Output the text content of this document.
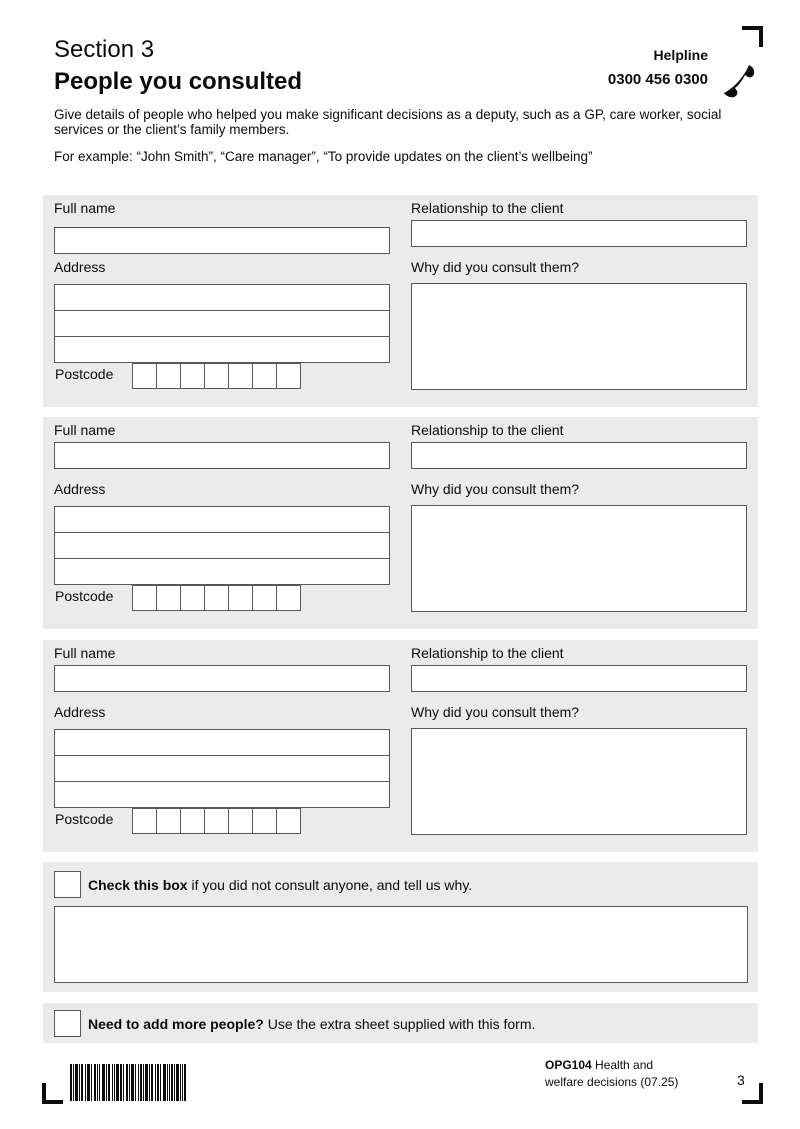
Section 3
People you consulted
Helpline
0300 456 0300

Give details of people who helped you make significant decisions as a deputy, such as a GP, care worker, social services or the client’s family members.

For example: “John Smith”, “Care manager”, “To provide updates on the client’s wellbeing”

Full name	Relationship to the client
Address
Postcode
Why did you consult them?
Full name	Relationship to the client
Address
Postcode
Why did you consult them?
Full name	Relationship to the client
Address
Postcode
Why did you consult them?
Check this box if you did not consult anyone, and tell us why.
Need to add more people? Use the extra sheet supplied with this form.
OPG104 Health and
welfare decisions (07.25)	3
